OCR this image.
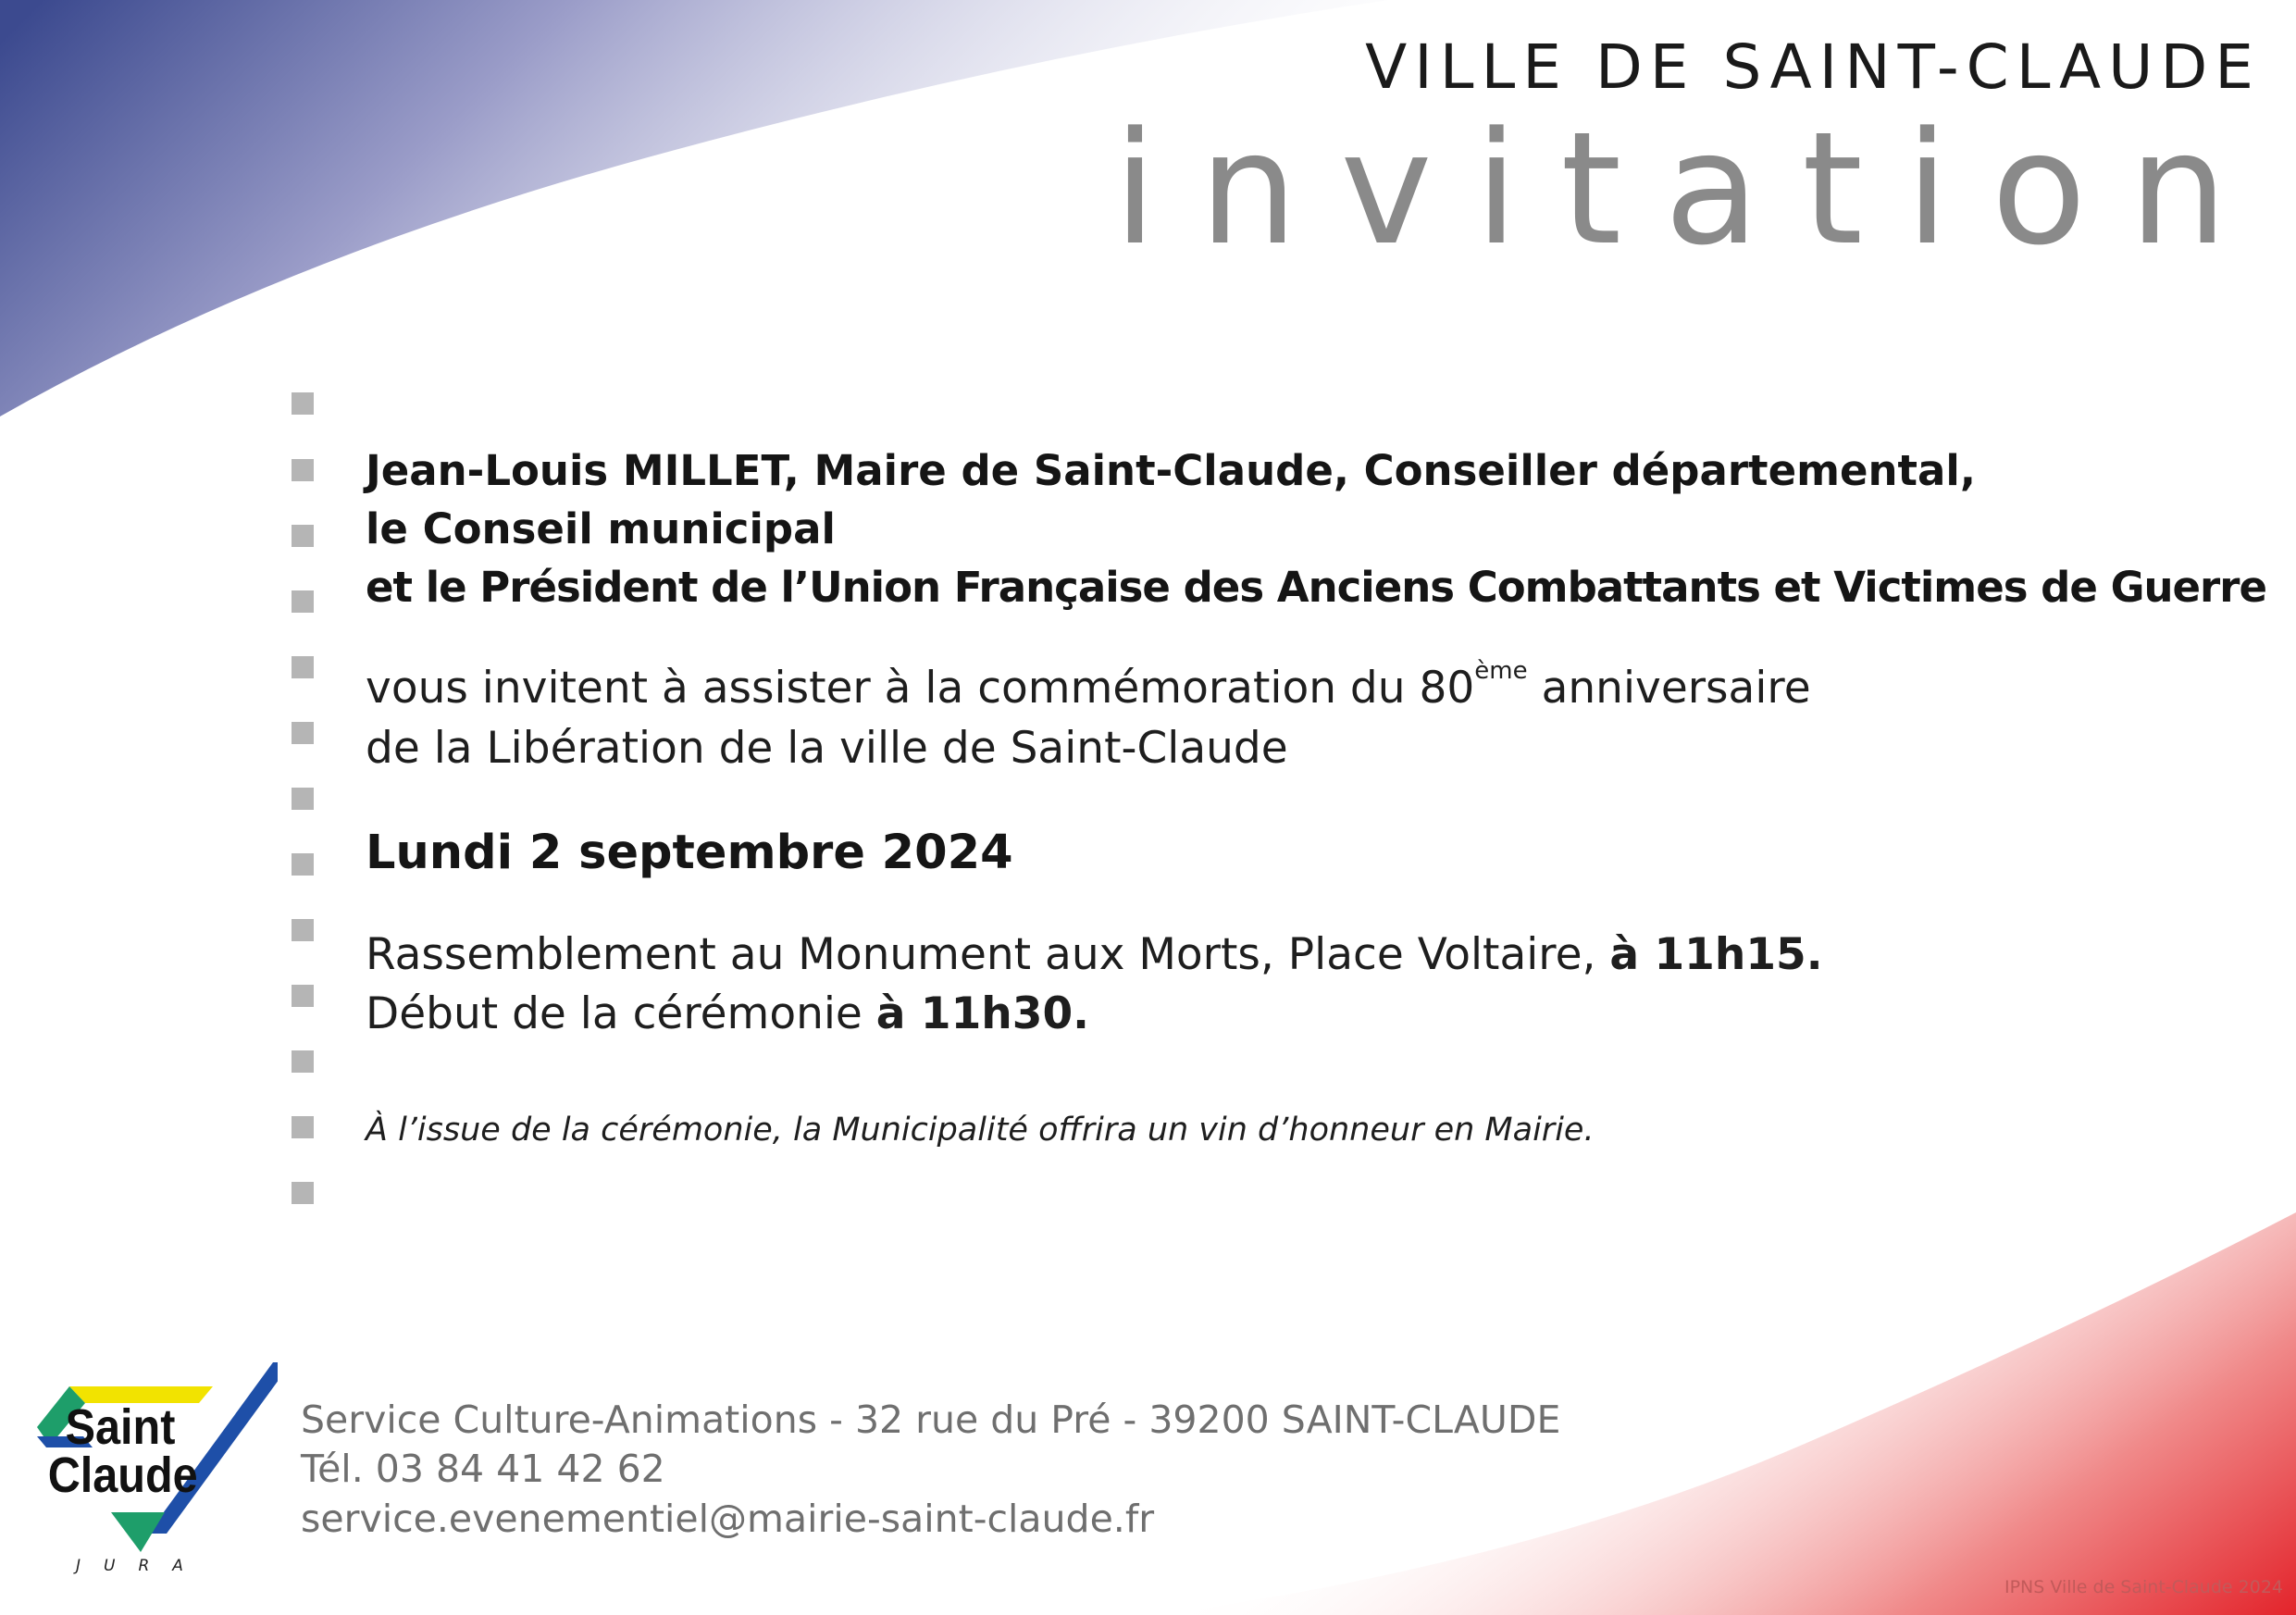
VILLE DE SAINT-CLAUDE
invitation
Jean-Louis MILLET, Maire de Saint-Claude, Conseiller départemental,
le Conseil municipal
et le Président de l’Union Française des Anciens Combattants et Victimes de Guerre
vous invitent à assister à la commémoration du 80ème anniversaire
de la Libération de la ville de Saint-Claude
Lundi 2 septembre 2024
Rassemblement au Monument aux Morts, Place Voltaire, à 11h15.
Début de la cérémonie à 11h30.
À l’issue de la cérémonie, la Municipalité offrira un vin d’honneur en Mairie.
Saint
Claude
JURA
Service Culture-Animations - 32 rue du Pré - 39200 SAINT-CLAUDE
Tél. 03 84 41 42 62
service.evenementiel@mairie-saint-claude.fr
IPNS Ville de Saint-Claude 2024
